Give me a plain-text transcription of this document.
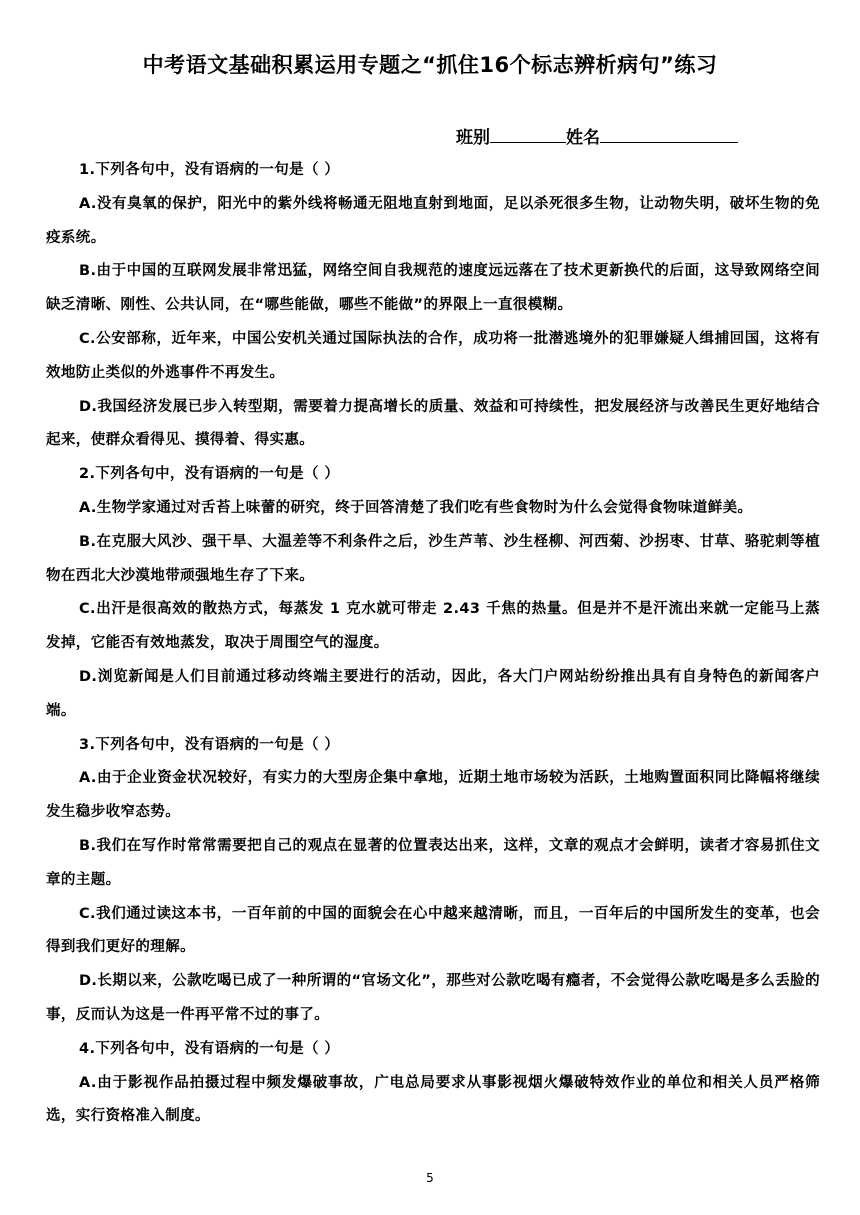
中考语文基础积累运用专题之“抓住16个标志辨析病句”练习
班别	姓名

1.下列各句中，没有语病的一句是（ ）

A.没有臭氧的保护，阳光中的紫外线将畅通无阻地直射到地面，足以杀死很多生物，让动物失明，破坏生物的免疫系统。

B.由于中国的互联网发展非常迅猛，网络空间自我规范的速度远远落在了技术更新换代的后面，这导致网络空间缺乏清晰、刚性、公共认同，在“哪些能做，哪些不能做”的界限上一直很模糊。

C.公安部称，近年来，中国公安机关通过国际执法的合作，成功将一批潜逃境外的犯罪嫌疑人缉捕回国，这将有效地防止类似的外逃事件不再发生。

D.我国经济发展已步入转型期，需要着力提高增长的质量、效益和可持续性，把发展经济与改善民生更好地结合起来，使群众看得见、摸得着、得实惠。

2.下列各句中，没有语病的一句是（ ）

A.生物学家通过对舌苔上味蕾的研究，终于回答清楚了我们吃有些食物时为什么会觉得食物味道鲜美。

B.在克服大风沙、强干旱、大温差等不利条件之后，沙生芦苇、沙生柽柳、河西菊、沙拐枣、甘草、骆驼刺等植物在西北大沙漠地带顽强地生存了下来。

C.出汗是很高效的散热方式，每蒸发 1 克水就可带走 2.43 千焦的热量。但是并不是汗流出来就一定能马上蒸发掉，它能否有效地蒸发，取决于周围空气的湿度。

D.浏览新闻是人们目前通过移动终端主要进行的活动，因此，各大门户网站纷纷推出具有自身特色的新闻客户端。

3.下列各句中，没有语病的一句是（ ）

A.由于企业资金状况较好，有实力的大型房企集中拿地，近期土地市场较为活跃，土地购置面积同比降幅将继续发生稳步收窄态势。

B.我们在写作时常常需要把自己的观点在显著的位置表达出来，这样，文章的观点才会鲜明，读者才容易抓住文章的主题。

C.我们通过读这本书，一百年前的中国的面貌会在心中越来越清晰，而且，一百年后的中国所发生的变革，也会得到我们更好的理解。

D.长期以来，公款吃喝已成了一种所谓的“官场文化”，那些对公款吃喝有瘾者，不会觉得公款吃喝是多么丢脸的事，反而认为这是一件再平常不过的事了。

4.下列各句中，没有语病的一句是（ ）

A.由于影视作品拍摄过程中频发爆破事故，广电总局要求从事影视烟火爆破特效作业的单位和相关人员严格筛选，实行资格准入制度。

5
